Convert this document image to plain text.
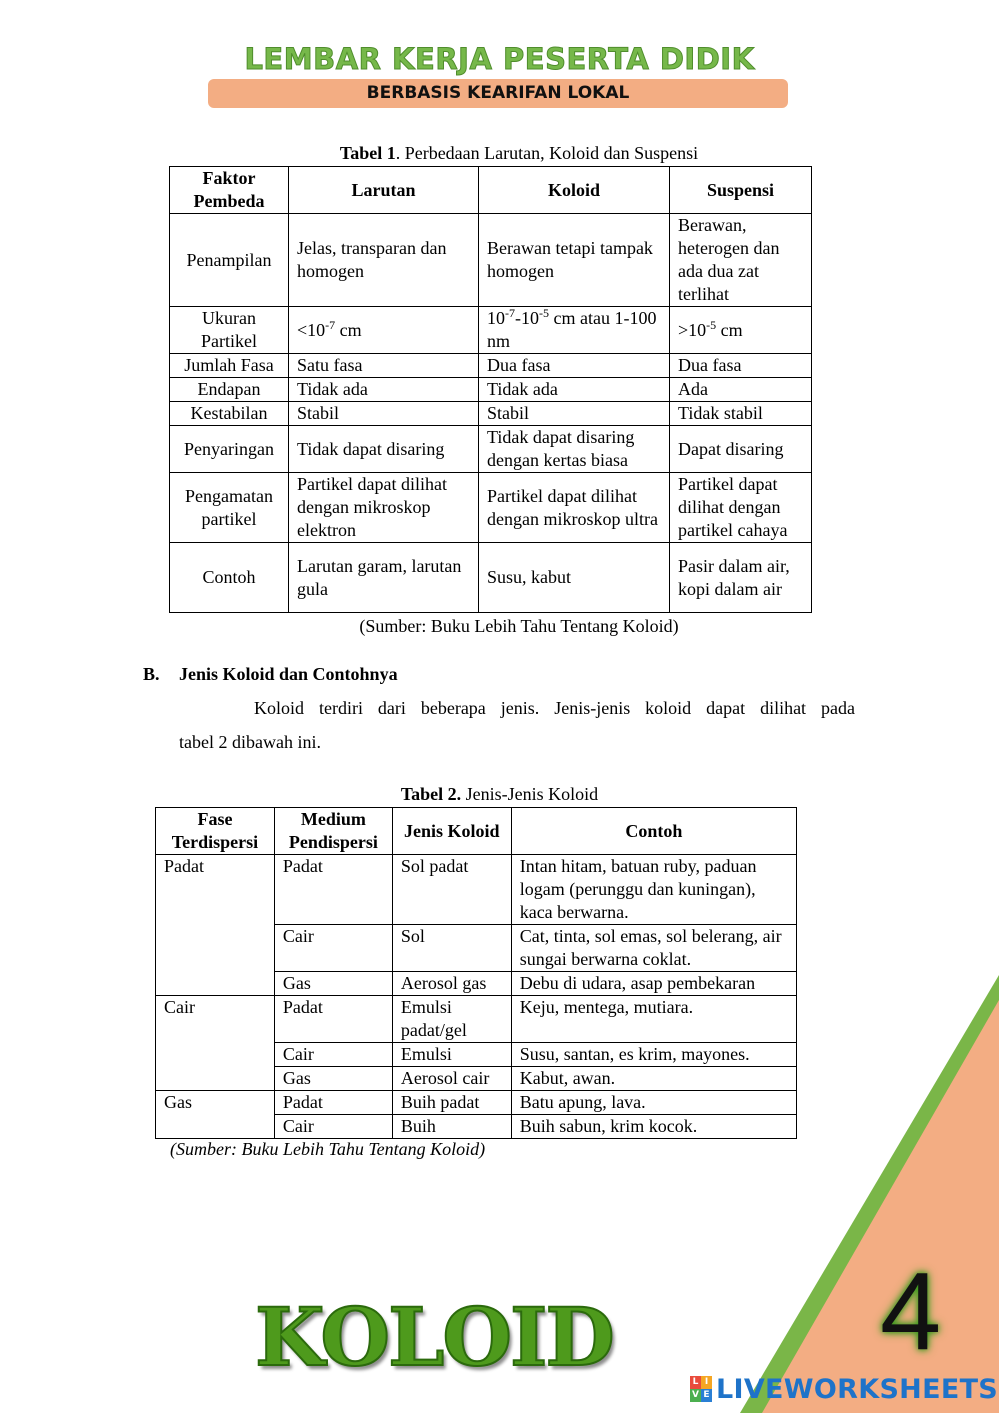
LEMBAR KERJA PESERTA DIDIK
BERBASIS KEARIFAN LOKAL
Tabel 1. Perbedaan Larutan, Koloid dan Suspensi
Faktor Pembeda	Larutan	Koloid	Suspensi
Penampilan	Jelas, transparan dan homogen	Berawan tetapi tampak homogen	Berawan, heterogen dan ada dua zat terlihat
Ukuran Partikel	$<10^{-7}$ cm	$10^{-7}-10^{-5}$ cm atau 1-100 nm	$>10^{-5}$ cm
Jumlah Fasa	Satu fasa	Dua fasa	Dua fasa
Endapan	Tidak ada	Tidak ada	Ada
Kestabilan	Stabil	Stabil	Tidak stabil
Penyaringan	Tidak dapat disaring	Tidak dapat disaring dengan kertas biasa	Dapat disaring
Pengamatan partikel	Partikel dapat dilihat dengan mikroskop elektron	Partikel dapat dilihat dengan mikroskop ultra	Partikel dapat dilihat dengan partikel cahaya
Contoh	Larutan garam, larutan gula	Susu, kabut	Pasir dalam air, kopi dalam air
(Sumber: Buku Lebih Tahu Tentang Koloid)
B. Jenis Koloid dan Contohnya
Koloid terdiri dari beberapa jenis. Jenis-jenis koloid dapat dilihat pada
tabel 2 dibawah ini.
Tabel 2. Jenis-Jenis Koloid
Fase Terdispersi	Medium Pendispersi	Jenis Koloid	Contoh
Padat	Padat	Sol padat	Intan hitam, batuan ruby, paduan logam (perunggu dan kuningan), kaca berwarna.
	Cair	Sol	Cat, tinta, sol emas, sol belerang, air sungai berwarna coklat.
	Gas	Aerosol gas	Debu di udara, asap pembekaran
Cair	Padat	Emulsi padat/gel	Keju, mentega, mutiara.
	Cair	Emulsi	Susu, santan, es krim, mayones.
	Gas	Aerosol cair	Kabut, awan.
Gas	Padat	Buih padat	Batu apung, lava.
	Cair	Buih	Buih sabun, krim kocok.
(Sumber: Buku Lebih Tahu Tentang Koloid)
KOLOID 4
L I
V E LIVEWORKSHEETS
